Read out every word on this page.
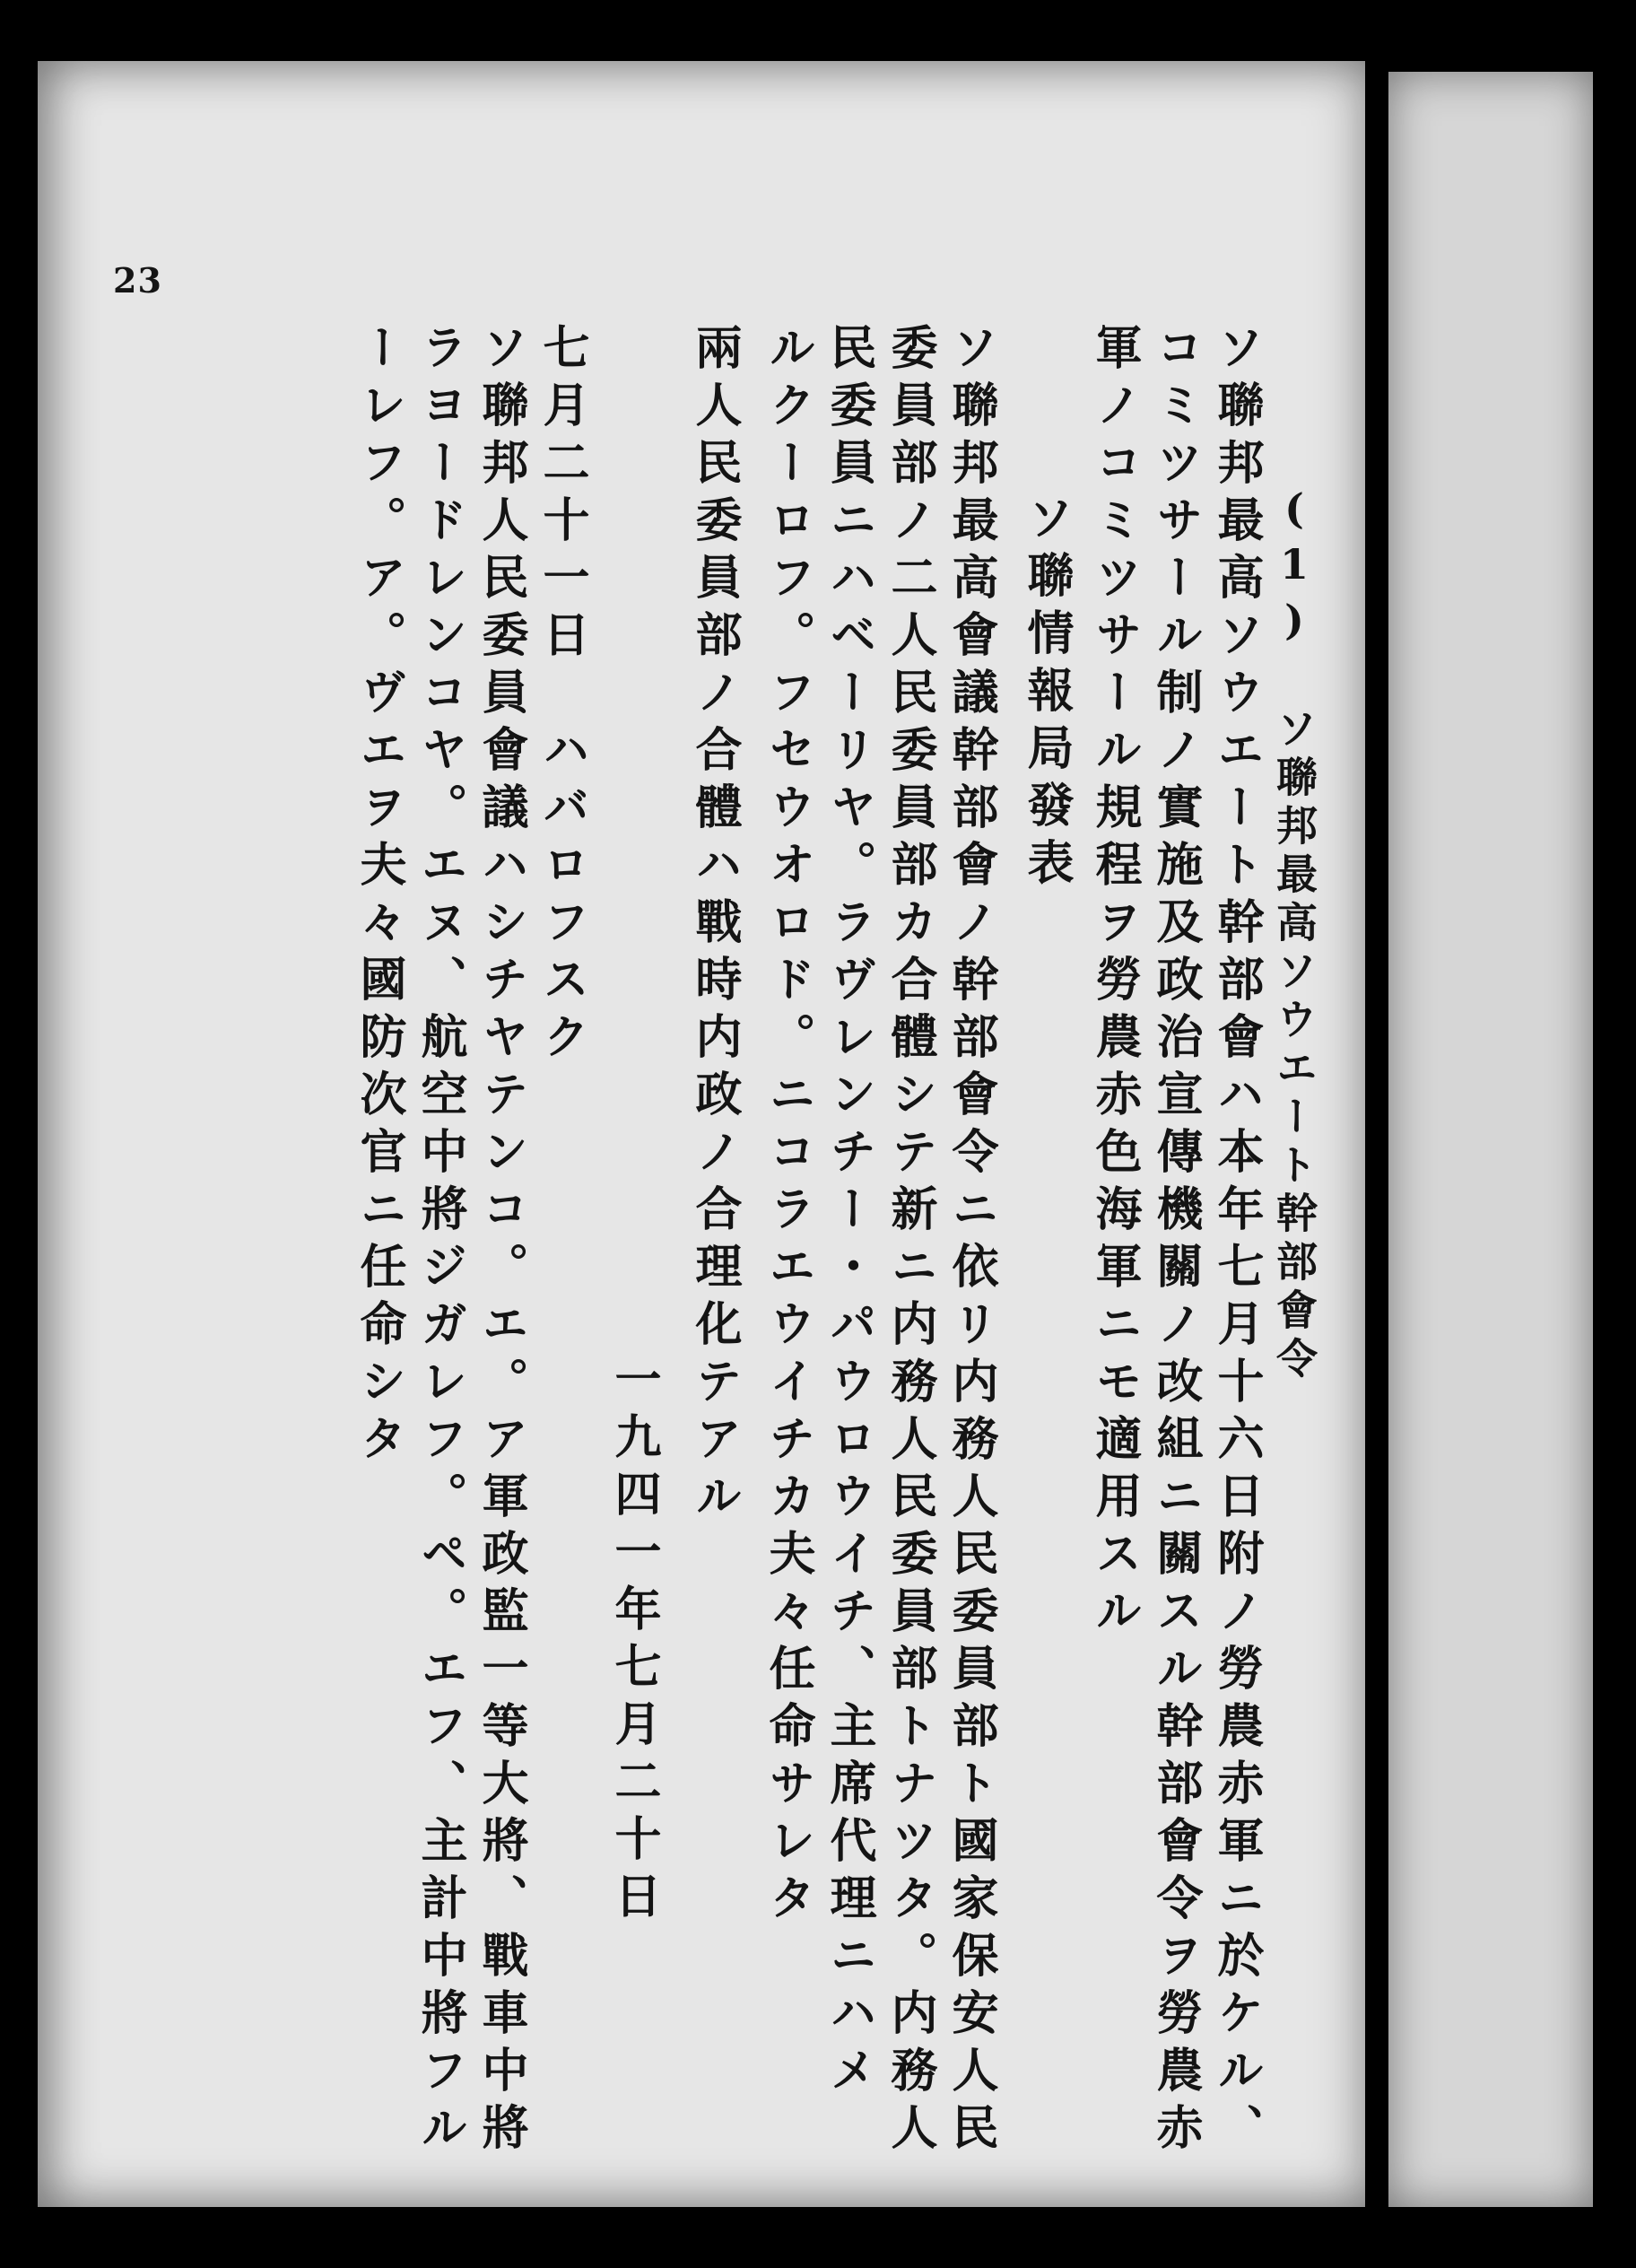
23
(1) ソ聯邦最高ソウエート幹部會令
ソ聯邦最高ソウエート幹部會ハ本年七月十六日附ノ勞農赤軍ニ於ケル、
コミツサール制ノ實施及政治宣傳機關ノ改組ニ關スル幹部會令ヲ勞農赤
軍ノコミツサール規程ヲ勞農赤色海軍ニモ適用スル
ソ聯情報局發表
ソ聯邦最高會議幹部會ノ幹部會令ニ依リ内務人民委員部ト國家保安人民
委員部ノ二人民委員部カ合體シテ新ニ内務人民委員部トナツタ。内務人
民委員ニハベーリヤ。ラヴレンチー・パウロウイチ、主席代理ニハメ
ルクーロフ。フセウオロド。ニコラエウイチカ夫々任命サレタ
兩人民委員部ノ合體ハ戰時内政ノ合理化テアル
一九四一年七月二十日
七月二十一日　ハバロフスク
ソ聯邦人民委員會議ハシチヤテンコ。エ。ア軍政監一等大將、戰車中將
ラヨードレンコヤ。エヌ、航空中將ジガレフ。ペ。エフ、主計中將フル
ーレフ。ア。ヴエヲ夫々國防次官ニ任命シタ
